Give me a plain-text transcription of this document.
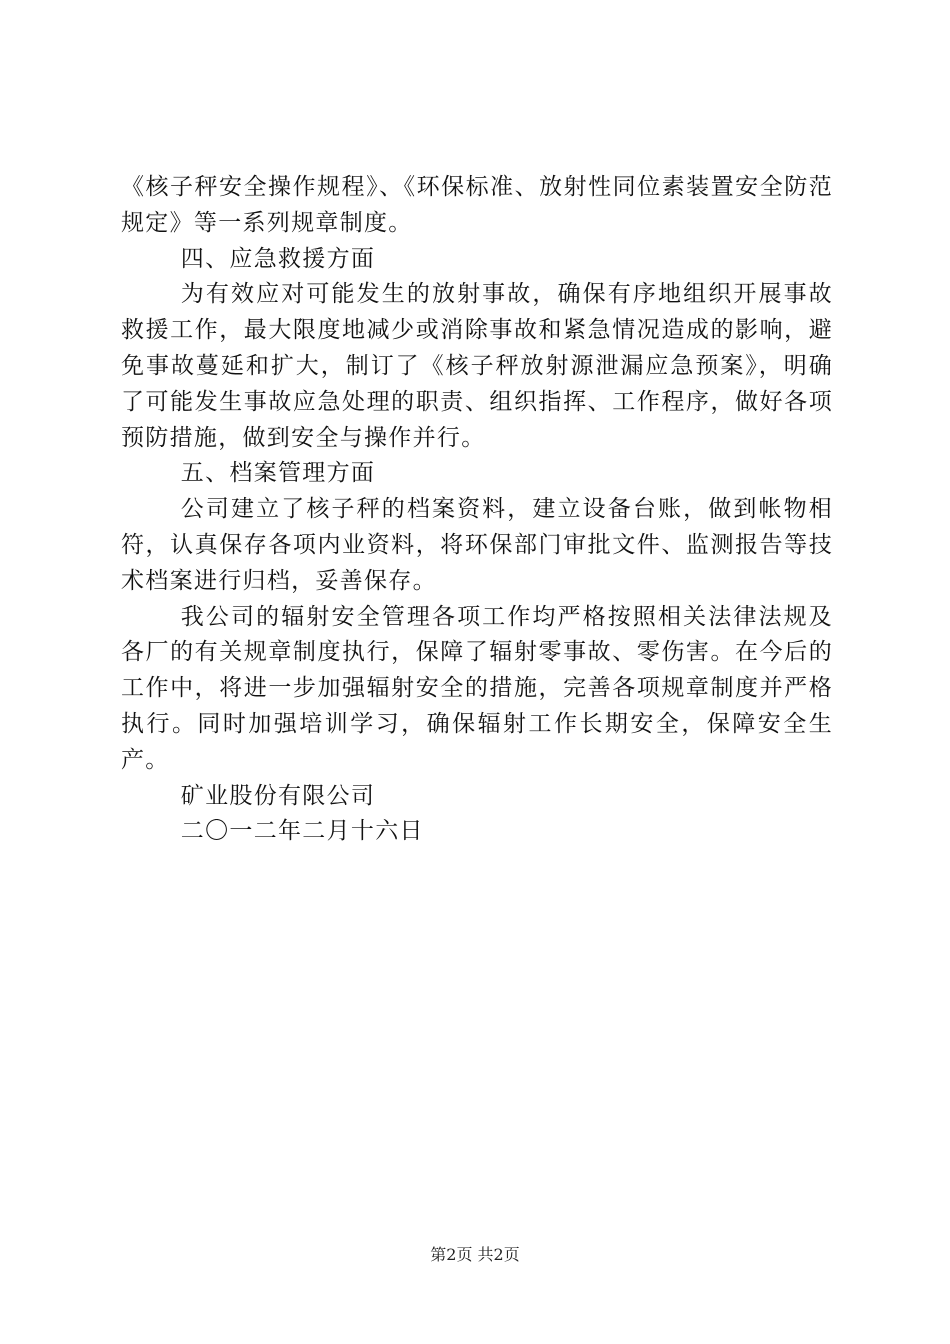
《核子秤安全操作规程》、《环保标准、放射性同位素装置安全防范规定》等一系列规章制度。

四、应急救援方面

为有效应对可能发生的放射事故，确保有序地组织开展事故救援工作，最大限度地减少或消除事故和紧急情况造成的影响，避免事故蔓延和扩大，制订了《核子秤放射源泄漏应急预案》，明确了可能发生事故应急处理的职责、组织指挥、工作程序，做好各项预防措施，做到安全与操作并行。

五、档案管理方面

公司建立了核子秤的档案资料，建立设备台账，做到帐物相符，认真保存各项内业资料，将环保部门审批文件、监测报告等技术档案进行归档，妥善保存。

我公司的辐射安全管理各项工作均严格按照相关法律法规及各厂的有关规章制度执行，保障了辐射零事故、零伤害。在今后的工作中，将进一步加强辐射安全的措施，完善各项规章制度并严格执行。同时加强培训学习，确保辐射工作长期安全，保障安全生产。

矿业股份有限公司

二〇一二年二月十六日

第2页 共2页
